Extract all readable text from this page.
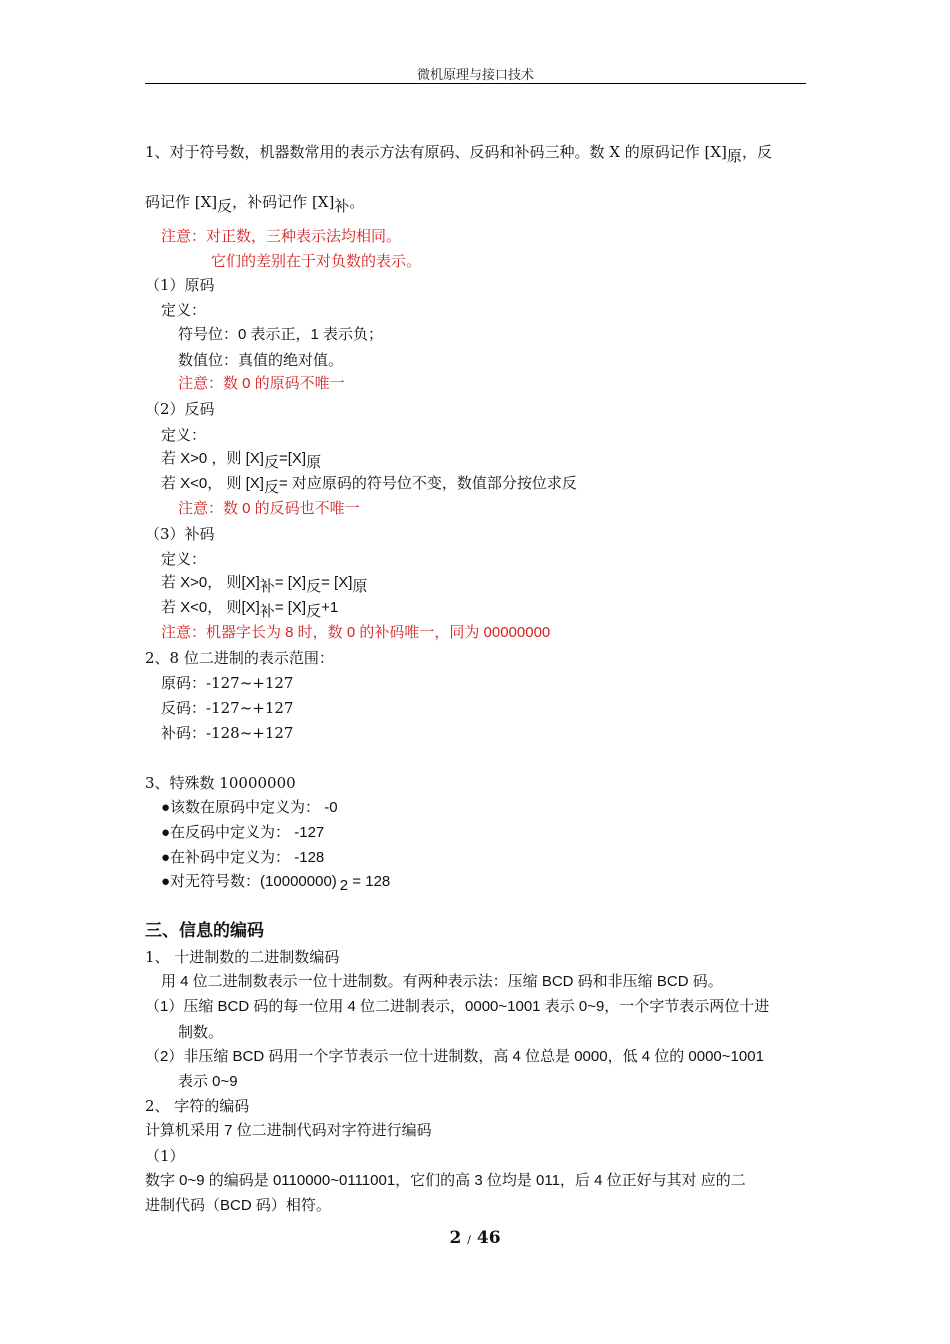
微机原理与接口技术
1、对于符号数，机器数常用的表示方法有原码、反码和补码三种。数 X 的原码记作 [X]原，反
码记作 [X]反，补码记作 [X]补。
注意：对正数，三种表示法均相同。
它们的差别在于对负数的表示。
（1）原码
定义：
符号位：0 表示正，1 表示负；
数值位：真值的绝对值。
注意：数 0 的原码不唯一
（2）反码
定义：
若 X>0 ，则 [X]反=[X]原
若 X<0， 则 [X]反= 对应原码的符号位不变，数值部分按位求反
注意：数 0 的反码也不唯一
（3）补码
定义：
若 X>0， 则[X]补= [X]反= [X]原
若 X<0， 则[X]补= [X]反+1
注意：机器字长为 8 时，数 0 的补码唯一，同为 00000000
2、8 位二进制的表示范围：
原码：-127~+127
反码：-127~+127
补码：-128~+127
3、特殊数 10000000
●该数在原码中定义为： -0
●在反码中定义为： -127
●在补码中定义为： -128
●对无符号数：(10000000) 2 = 128
三、信息的编码
1、 十进制数的二进制数编码
用 4 位二进制数表示一位十进制数。有两种表示法：压缩 BCD 码和非压缩 BCD 码。
（1）压缩 BCD 码的每一位用 4 位二进制表示，0000~1001 表示 0~9，一个字节表示两位十进
制数。
（2）非压缩 BCD 码用一个字节表示一位十进制数，高 4 位总是 0000，低 4 位的 0000~1001
表示 0~9
2、 字符的编码
计算机采用 7 位二进制代码对字符进行编码
（1）
数字 0~9 的编码是 0110000~0111001，它们的高 3 位均是 011，后 4 位正好与其对 应的二
进制代码（BCD 码）相符。
2 / 46
